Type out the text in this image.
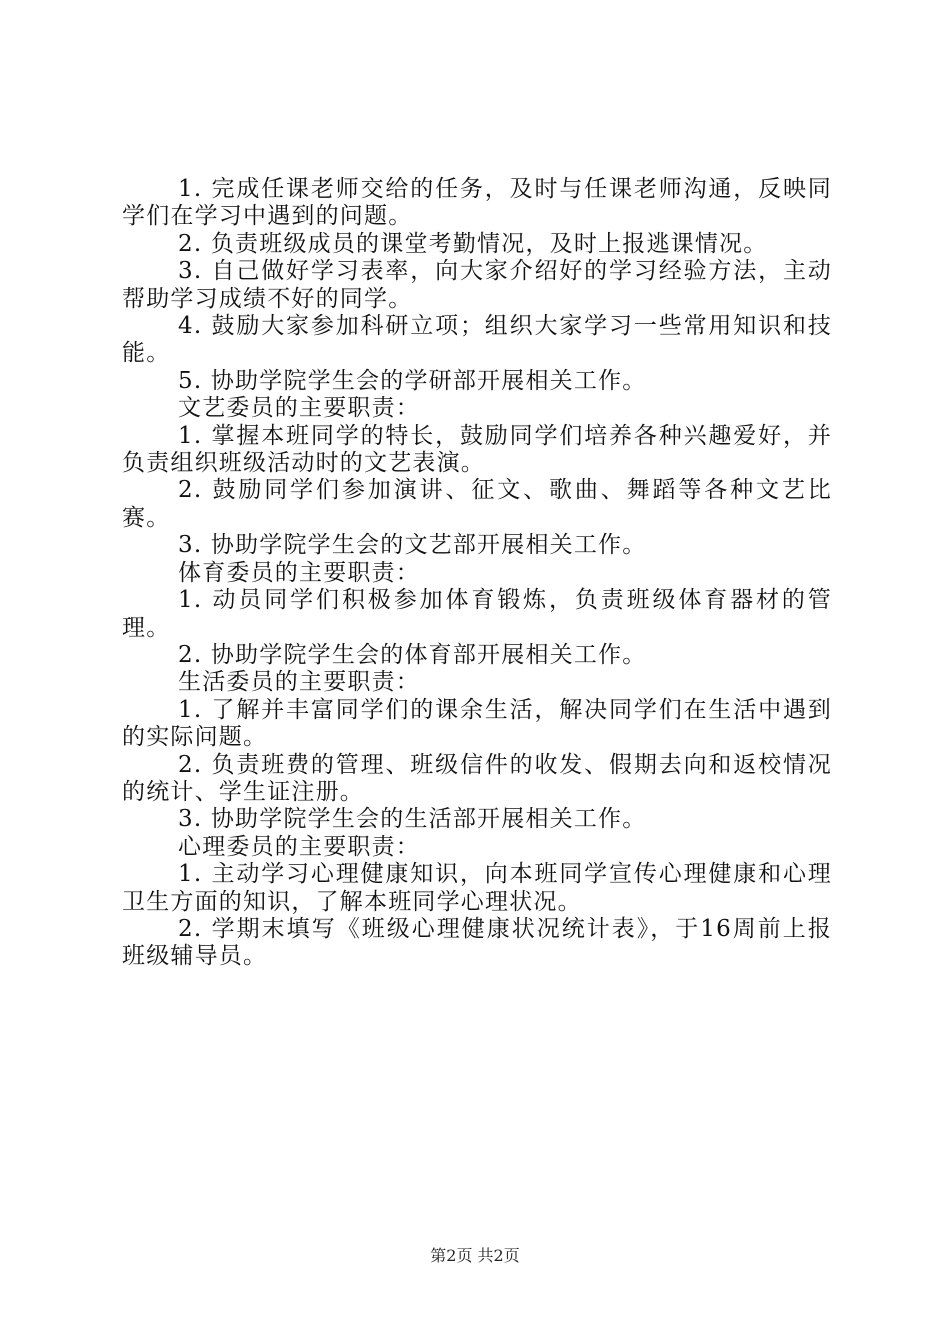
1. 完成任课老师交给的任务，及时与任课老师沟通，反映同学们在学习中遇到的问题。

2. 负责班级成员的课堂考勤情况，及时上报逃课情况。

3. 自己做好学习表率，向大家介绍好的学习经验方法，主动帮助学习成绩不好的同学。

4. 鼓励大家参加科研立项；组织大家学习一些常用知识和技能。

5. 协助学院学生会的学研部开展相关工作。

文艺委员的主要职责：

1. 掌握本班同学的特长，鼓励同学们培养各种兴趣爱好，并负责组织班级活动时的文艺表演。

2. 鼓励同学们参加演讲、征文、歌曲、舞蹈等各种文艺比赛。

3. 协助学院学生会的文艺部开展相关工作。

体育委员的主要职责：

1. 动员同学们积极参加体育锻炼，负责班级体育器材的管理。

2. 协助学院学生会的体育部开展相关工作。

生活委员的主要职责：

1. 了解并丰富同学们的课余生活，解决同学们在生活中遇到的实际问题。

2. 负责班费的管理、班级信件的收发、假期去向和返校情况的统计、学生证注册。

3. 协助学院学生会的生活部开展相关工作。

心理委员的主要职责：

1. 主动学习心理健康知识，向本班同学宣传心理健康和心理卫生方面的知识，了解本班同学心理状况。

2. 学期末填写《班级心理健康状况统计表》，于16周前上报班级辅导员。

第2页 共2页
